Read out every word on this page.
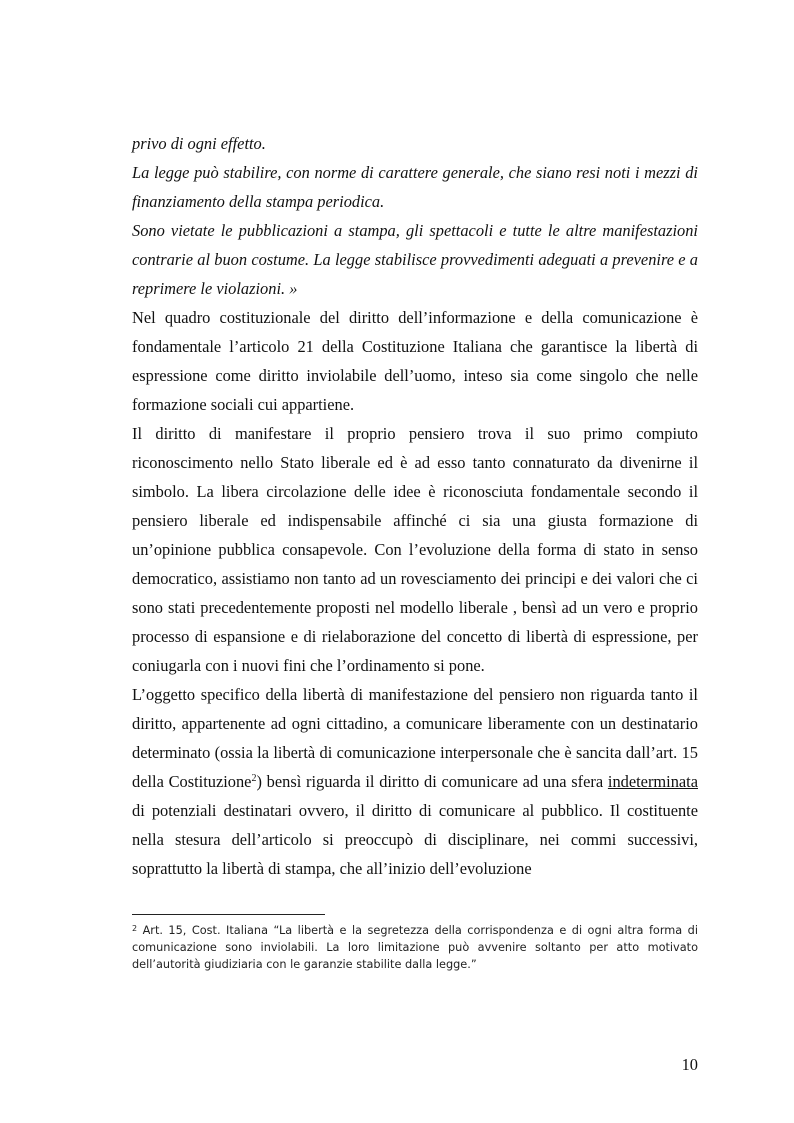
privo di ogni effetto.

La legge può stabilire, con norme di carattere generale, che siano resi noti i mezzi di finanziamento della stampa periodica.

Sono vietate le pubblicazioni a stampa, gli spettacoli e tutte le altre manifestazioni contrarie al buon costume. La legge stabilisce provvedimenti adeguati a prevenire e a reprimere le violazioni. »

Nel quadro costituzionale del diritto dell’informazione e della comunicazione è fondamentale l’articolo 21 della Costituzione Italiana che garantisce la libertà di espressione come diritto inviolabile dell’uomo, inteso sia come singolo che nelle formazione sociali cui appartiene.

Il diritto di manifestare il proprio pensiero trova il suo primo compiuto riconoscimento nello Stato liberale ed è ad esso tanto connaturato da divenirne il simbolo. La libera circolazione delle idee è riconosciuta fondamentale secondo il pensiero liberale ed indispensabile affinché ci sia una giusta formazione di un’opinione pubblica consapevole. Con l’evoluzione della forma di stato in senso democratico, assistiamo non tanto ad un rovesciamento dei principi e dei valori che ci sono stati precedentemente proposti nel modello liberale , bensì ad un vero e proprio processo di espansione e di rielaborazione del concetto di libertà di espressione, per coniugarla con i nuovi fini che l’ordinamento si pone.

L’oggetto specifico della libertà di manifestazione del pensiero non riguarda tanto il diritto, appartenente ad ogni cittadino, a comunicare liberamente con un destinatario determinato (ossia la libertà di comunicazione interpersonale che è sancita dall’art. 15 della Costituzione$^2$) bensì riguarda il diritto di comunicare ad una sfera indeterminata di potenziali destinatari ovvero, il diritto di comunicare al pubblico. Il costituente nella stesura dell’articolo si preoccupò di disciplinare, nei commi successivi, soprattutto la libertà di stampa, che all’inizio dell’evoluzione

$^2$ Art. 15, Cost. Italiana “La libertà e la segretezza della corrispondenza e di ogni altra forma di comunicazione sono inviolabili. La loro limitazione può avvenire soltanto per atto motivato dell’autorità giudiziaria con le garanzie stabilite dalla legge.”

10
